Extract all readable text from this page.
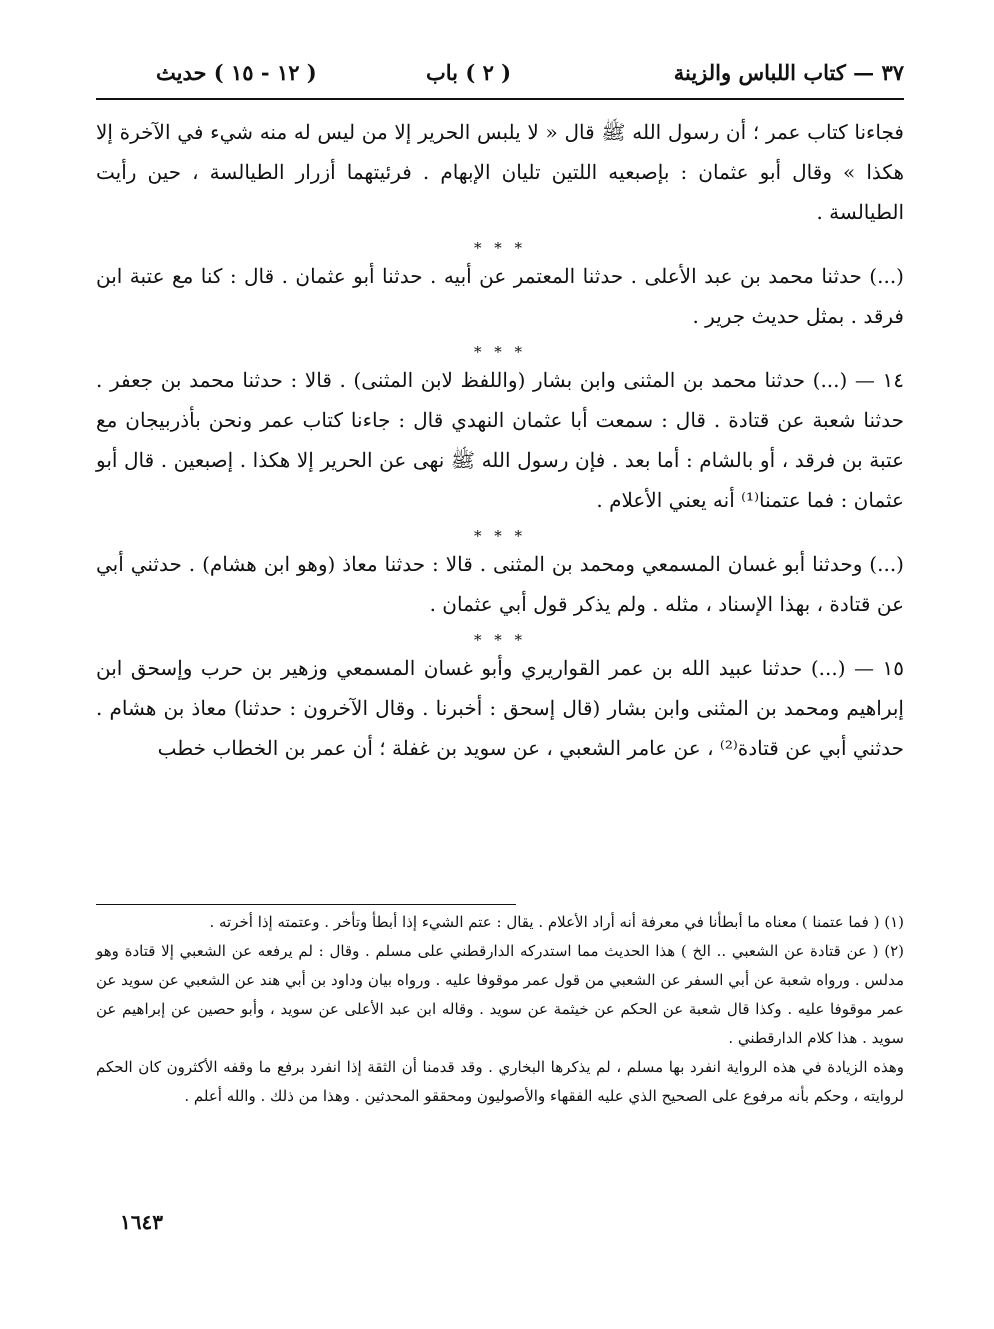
٣٧ — كتاب اللباس والزينة
( ٢ ) باب
( ١٢ - ١٥ ) حديث

فجاءنا كتاب عمر ؛ أن رسول الله ﷺ قال « لا يلبس الحرير إلا من ليس له منه شيء في الآخرة إلا هكذا » وقال أبو عثمان : بإصبعيه اللتين تليان الإبهام . فرئيتهما أزرار الطيالسة ، حين رأيت الطيالسة .

* * *

(...) حدثنا محمد بن عبد الأعلى . حدثنا المعتمر عن أبيه . حدثنا أبو عثمان . قال : كنا مع عتبة ابن فرقد . بمثل حديث جرير .

* * *

١٤ — (...) حدثنا محمد بن المثنى وابن بشار (واللفظ لابن المثنى) . قالا : حدثنا محمد بن جعفر . حدثنا شعبة عن قتادة . قال : سمعت أبا عثمان النهدي قال : جاءنا كتاب عمر ونحن بأذربيجان مع عتبة بن فرقد ، أو بالشام : أما بعد . فإن رسول الله ﷺ نهى عن الحرير إلا هكذا . إصبعين . قال أبو عثمان : فما عتمنا⁽¹⁾ أنه يعني الأعلام .

* * *

(...) وحدثنا أبو غسان المسمعي ومحمد بن المثنى . قالا : حدثنا معاذ (وهو ابن هشام) . حدثني أبي عن قتادة ، بهذا الإسناد ، مثله . ولم يذكر قول أبي عثمان .

* * *

١٥ — (...) حدثنا عبيد الله بن عمر القواريري وأبو غسان المسمعي وزهير بن حرب وإسحق ابن إبراهيم ومحمد بن المثنى وابن بشار (قال إسحق : أخبرنا . وقال الآخرون : حدثنا) معاذ بن هشام . حدثني أبي عن قتادة⁽²⁾ ، عن عامر الشعبي ، عن سويد بن غفلة ؛ أن عمر بن الخطاب خطب

(١) ( فما عتمنا ) معناه ما أبطأنا في معرفة أنه أراد الأعلام . يقال : عتم الشيء إذا أبطأ وتأخر . وعتمته إذا أخرته .

(٢) ( عن قتادة عن الشعبي .. الخ ) هذا الحديث مما استدركه الدارقطني على مسلم . وقال : لم يرفعه عن الشعبي إلا قتادة وهو مدلس . ورواه شعبة عن أبي السفر عن الشعبي من قول عمر موقوفا عليه . ورواه بيان وداود بن أبي هند عن الشعبي عن سويد عن عمر موقوفا عليه . وكذا قال شعبة عن الحكم عن خيثمة عن سويد . وقاله ابن عبد الأعلى عن سويد ، وأبو حصين عن إبراهيم عن سويد . هذا كلام الدارقطني .

وهذه الزيادة في هذه الرواية انفرد بها مسلم ، لم يذكرها البخاري . وقد قدمنا أن الثقة إذا انفرد برفع ما وقفه الأكثرون كان الحكم لروايته ، وحكم بأنه مرفوع على الصحيح الذي عليه الفقهاء والأصوليون ومحققو المحدثين . وهذا من ذلك . والله أعلم .

١٦٤٣
